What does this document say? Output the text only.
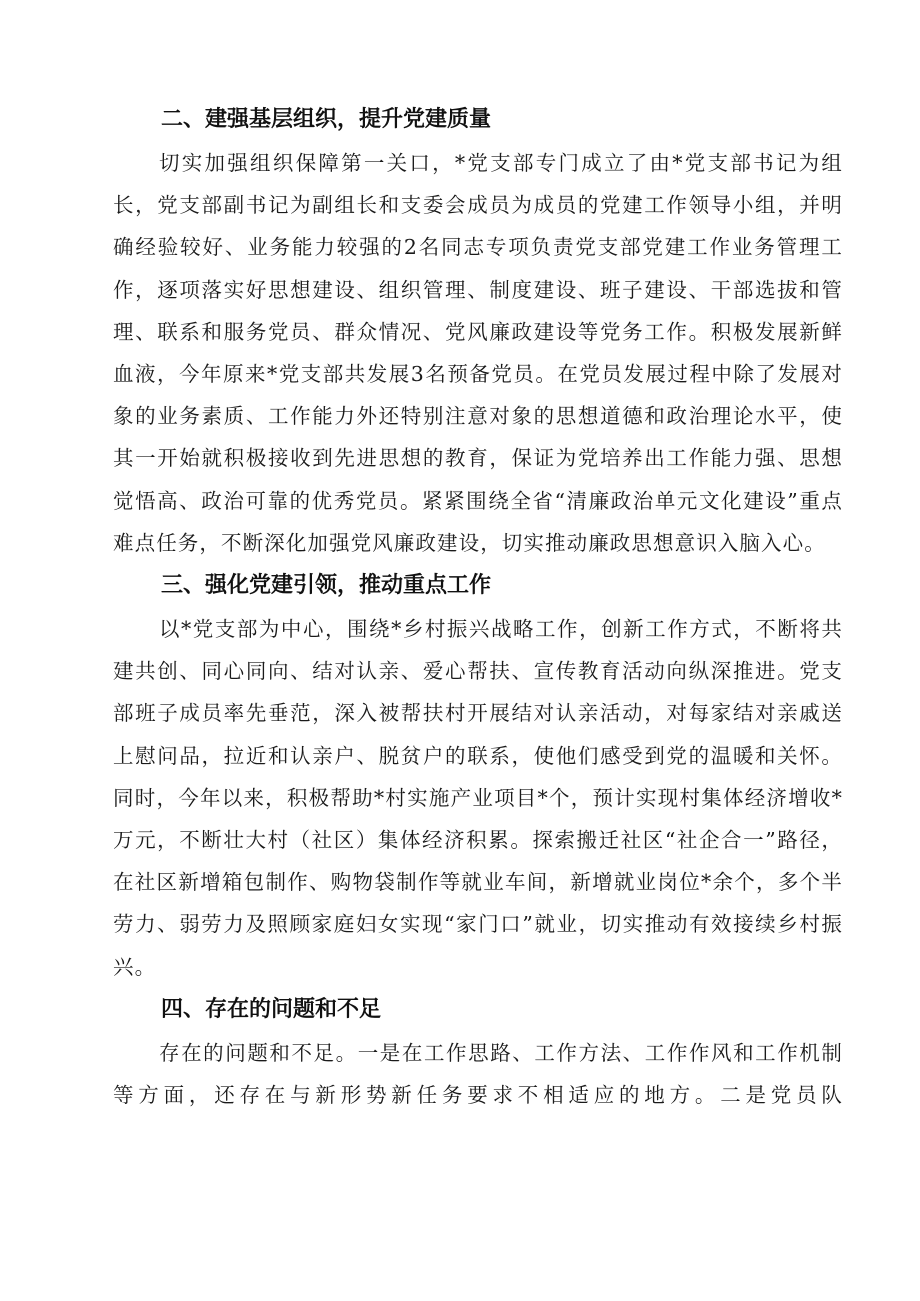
二、建强基层组织，提升党建质量

切实加强组织保障第一关口，*党支部专门成立了由*党支部书记为组长，党支部副书记为副组长和支委会成员为成员的党建工作领导小组，并明确经验较好、业务能力较强的2名同志专项负责党支部党建工作业务管理工作，逐项落实好思想建设、组织管理、制度建设、班子建设、干部选拔和管理、联系和服务党员、群众情况、党风廉政建设等党务工作。积极发展新鲜血液，今年原来*党支部共发展3名预备党员。在党员发展过程中除了发展对象的业务素质、工作能力外还特别注意对象的思想道德和政治理论水平，使其一开始就积极接收到先进思想的教育，保证为党培养出工作能力强、思想觉悟高、政治可靠的优秀党员。紧紧围绕全省“清廉政治单元文化建设”重点难点任务，不断深化加强党风廉政建设，切实推动廉政思想意识入脑入心。

三、强化党建引领，推动重点工作

以*党支部为中心，围绕*乡村振兴战略工作，创新工作方式，不断将共建共创、同心同向、结对认亲、爱心帮扶、宣传教育活动向纵深推进。党支部班子成员率先垂范，深入被帮扶村开展结对认亲活动，对每家结对亲戚送上慰问品，拉近和认亲户、脱贫户的联系，使他们感受到党的温暖和关怀。同时，今年以来，积极帮助*村实施产业项目*个，预计实现村集体经济增收*万元，不断壮大村（社区）集体经济积累。探索搬迁社区“社企合一”路径，在社区新增箱包制作、购物袋制作等就业车间，新增就业岗位*余个，多个半劳力、弱劳力及照顾家庭妇女实现“家门口”就业，切实推动有效接续乡村振兴。

四、存在的问题和不足

存在的问题和不足。一是在工作思路、工作方法、工作作风和工作机制等方面，还存在与新形势新任务要求不相适应的地方。二是党员队
